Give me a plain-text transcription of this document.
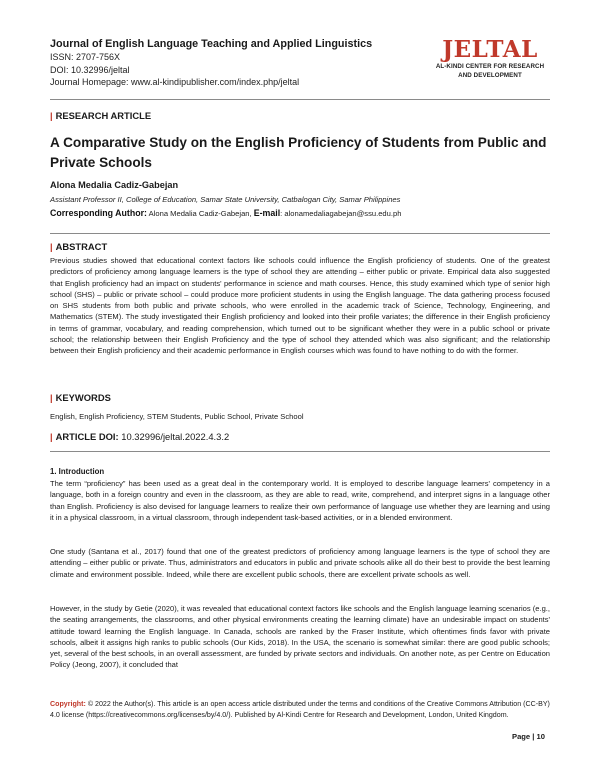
Journal of English Language Teaching and Applied Linguistics
ISSN: 2707-756X
DOI: 10.32996/jeltal
Journal Homepage: www.al-kindipublisher.com/index.php/jeltal
JELTAL
AL-KINDI CENTER FOR RESEARCH
AND DEVELOPMENT
| RESEARCH ARTICLE
A Comparative Study on the English Proficiency of Students from Public and Private Schools
Alona Medalia Cadiz-Gabejan
Assistant Professor II, College of Education, Samar State University, Catbalogan City, Samar Philippines
Corresponding Author: Alona Medalia Cadiz-Gabejan, E-mail: alonamedaliagabejan@ssu.edu.ph
| ABSTRACT
Previous studies showed that educational context factors like schools could influence the English proficiency of students. One of the greatest predictors of proficiency among language learners is the type of school they are attending – either public or private. Empirical data also suggested that English proficiency had an impact on students' performance in science and math courses. Hence, this study examined which type of senior high school (SHS) – public or private school – could produce more proficient students in using the English language. The data gathering process focused on SHS students from both public and private schools, who were enrolled in the academic track of Science, Technology, Engineering, and Mathematics (STEM). The study investigated their English proficiency and looked into their profile variates; the difference in their English proficiency in terms of grammar, vocabulary, and reading comprehension, which turned out to be significant whether they were in a public school or private school; the relationship between their English Proficiency and the type of school they attended which was also significant; and the relationship between their English proficiency and their academic performance in English courses which was found to have nothing to do with the former.
| KEYWORDS
English, English Proficiency, STEM Students, Public School, Private School
| ARTICLE DOI: 10.32996/jeltal.2022.4.3.2
1. Introduction
The term “proficiency” has been used as a great deal in the contemporary world. It is employed to describe language learners' competency in a language, both in a foreign country and even in the classroom, as they are able to read, write, comprehend, and interpret signs in a language other than English. Proficiency is also devised for language learners to realize their own performance of language use whether they are learning and using it in a physical classroom, in a virtual classroom, through independent task-based activities, or in a blended environment.
One study (Santana et al., 2017) found that one of the greatest predictors of proficiency among language learners is the type of school they are attending – either public or private. Thus, administrators and educators in public and private schools alike all do their best to provide the best learning climate and environment possible. Indeed, while there are excellent public schools, there are excellent private schools as well.
However, in the study by Getie (2020), it was revealed that educational context factors like schools and the English language learning scenarios (e.g., the seating arrangements, the classrooms, and other physical environments creating the learning climate) have an undesirable impact on students' attitude toward learning the English language. In Canada, schools are ranked by the Fraser Institute, which oftentimes finds favor with private schools, albeit it assigns high ranks to public schools (Our Kids, 2018). In the USA, the scenario is somewhat similar: there are good public schools; yet, several of the best schools, in an overall assessment, are funded by private sectors and individuals. On another note, as per Centre on Education Policy (Jeong, 2007), it concluded that
Copyright: © 2022 the Author(s). This article is an open access article distributed under the terms and conditions of the Creative Commons Attribution (CC-BY) 4.0 license (https://creativecommons.org/licenses/by/4.0/). Published by Al-Kindi Centre for Research and Development, London, United Kingdom.
Page | 10
